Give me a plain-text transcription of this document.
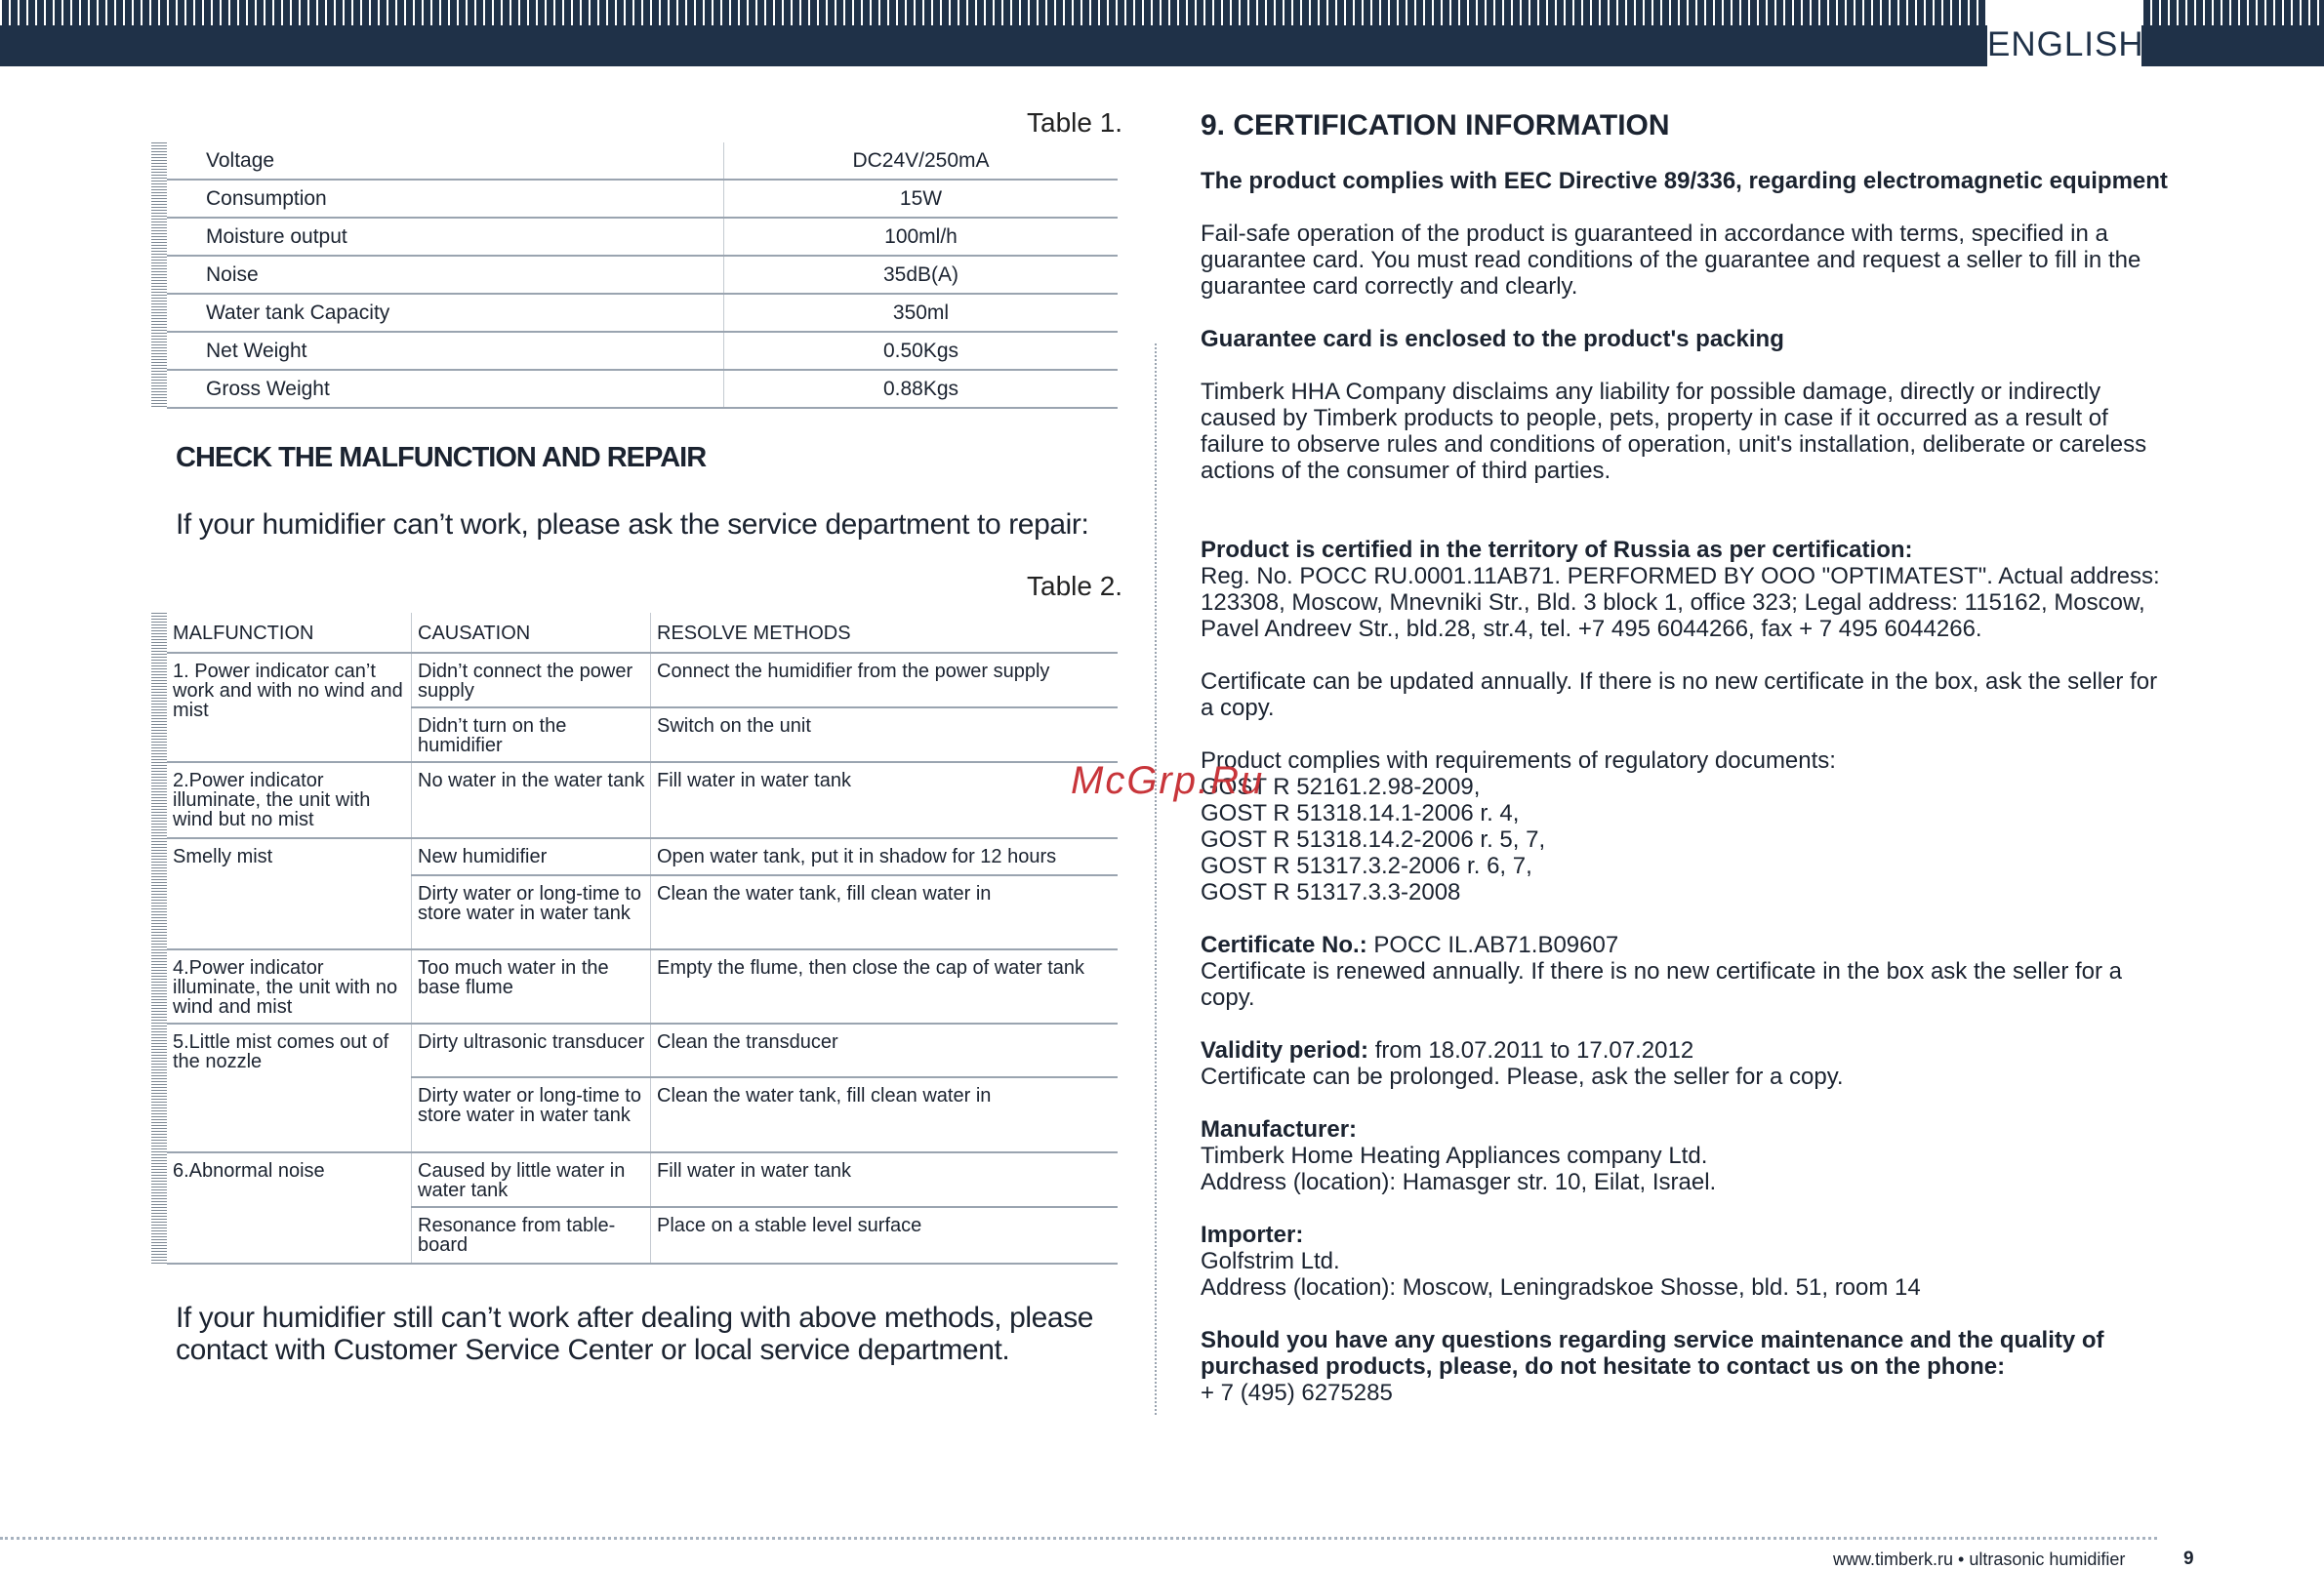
ENGLISH
Table 1.
	Voltage	DC24V/250mA
	Consumption	15W
	Moisture output	100ml/h
	Noise	35dB(A)
	Water tank Capacity	350ml
	Net Weight	0.50Kgs
	Gross Weight	0.88Kgs
CHECK THE MALFUNCTION AND REPAIR

If your humidifier can’t work, please ask the service department to repair:

Table 2.
	MALFUNCTION	CAUSATION	RESOLVE METHODS
	1. Power indicator can’t work and with no wind and mist	Didn’t connect the power supply	Connect the humidifier from the power supply
		Didn’t turn on the humidifier	Switch on the unit
	2.Power indicator illuminate, the unit with wind but no mist	No water in the water tank	Fill water in water tank
	Smelly mist	New humidifier	Open water tank, put it in shadow for 12 hours
		Dirty water or long-time to store water in water tank	Clean the water tank, fill clean water in
	4.Power indicator illuminate, the unit with no wind and mist	Too much water in the base flume	Empty the flume, then close the cap of water tank
	5.Little mist comes out of the nozzle	Dirty ultrasonic transducer	Clean the transducer
		Dirty water or long-time to store water in water tank	Clean the water tank, fill clean water in
	6.Abnormal noise	Caused by little water in water tank	Fill water in water tank
		Resonance from table-board	Place on a stable level surface

If your humidifier still can’t work after dealing with above methods, please contact with Customer Service Center or local service department.

9. CERTIFICATION INFORMATION

The product complies with EEC Directive 89/336, regarding electromagnetic equipment

Fail-safe operation of the product is guaranteed in accordance with terms, specified in a guarantee card. You must read conditions of the guarantee and request a seller to fill in the guarantee card correctly and clearly.

Guarantee card is enclosed to the product's packing

Timberk HHA Company disclaims any liability for possible damage, directly or indirectly caused by Timberk products to people, pets, property in case if it occurred as a result of failure to observe rules and conditions of operation, unit's installation, deliberate or careless actions of the consumer of third parties.

Product is certified in the territory of Russia as per certification:
Reg. No. POCC RU.0001.11AB71. PERFORMED BY OOO "OPTIMATEST". Actual address: 123308, Moscow, Mnevniki Str., Bld. 3 block 1, office 323; Legal address: 115162, Moscow, Pavel Andreev Str., bld.28, str.4, tel. +7 495 6044266, fax + 7 495 6044266.

Certificate can be updated annually. If there is no new certificate in the box, ask the seller for a copy.

Product complies with requirements of regulatory documents:
GOST R 52161.2.98-2009,
GOST R 51318.14.1-2006 r. 4,
GOST R 51318.14.2-2006 r. 5, 7,
GOST R 51317.3.2-2006 r. 6, 7,
GOST R 51317.3.3-2008

Certificate No.: POCC IL.AB71.B09607
Certificate is renewed annually. If there is no new certificate in the box ask the seller for a copy.

Validity period: from 18.07.2011 to 17.07.2012
Certificate can be prolonged. Please, ask the seller for a copy.

Manufacturer:
Timberk Home Heating Appliances company Ltd.
Address (location): Hamasger str. 10, Eilat, Israel.

Importer:
Golfstrim Ltd.
Address (location): Moscow, Leningradskoe Shosse, bld. 51, room 14

Should you have any questions regarding service maintenance and the quality of purchased products, please, do not hesitate to contact us on the phone:
+ 7 (495) 6275285

McGrp.Ru
www.timberk.ru • ultrasonic humidifier	9
